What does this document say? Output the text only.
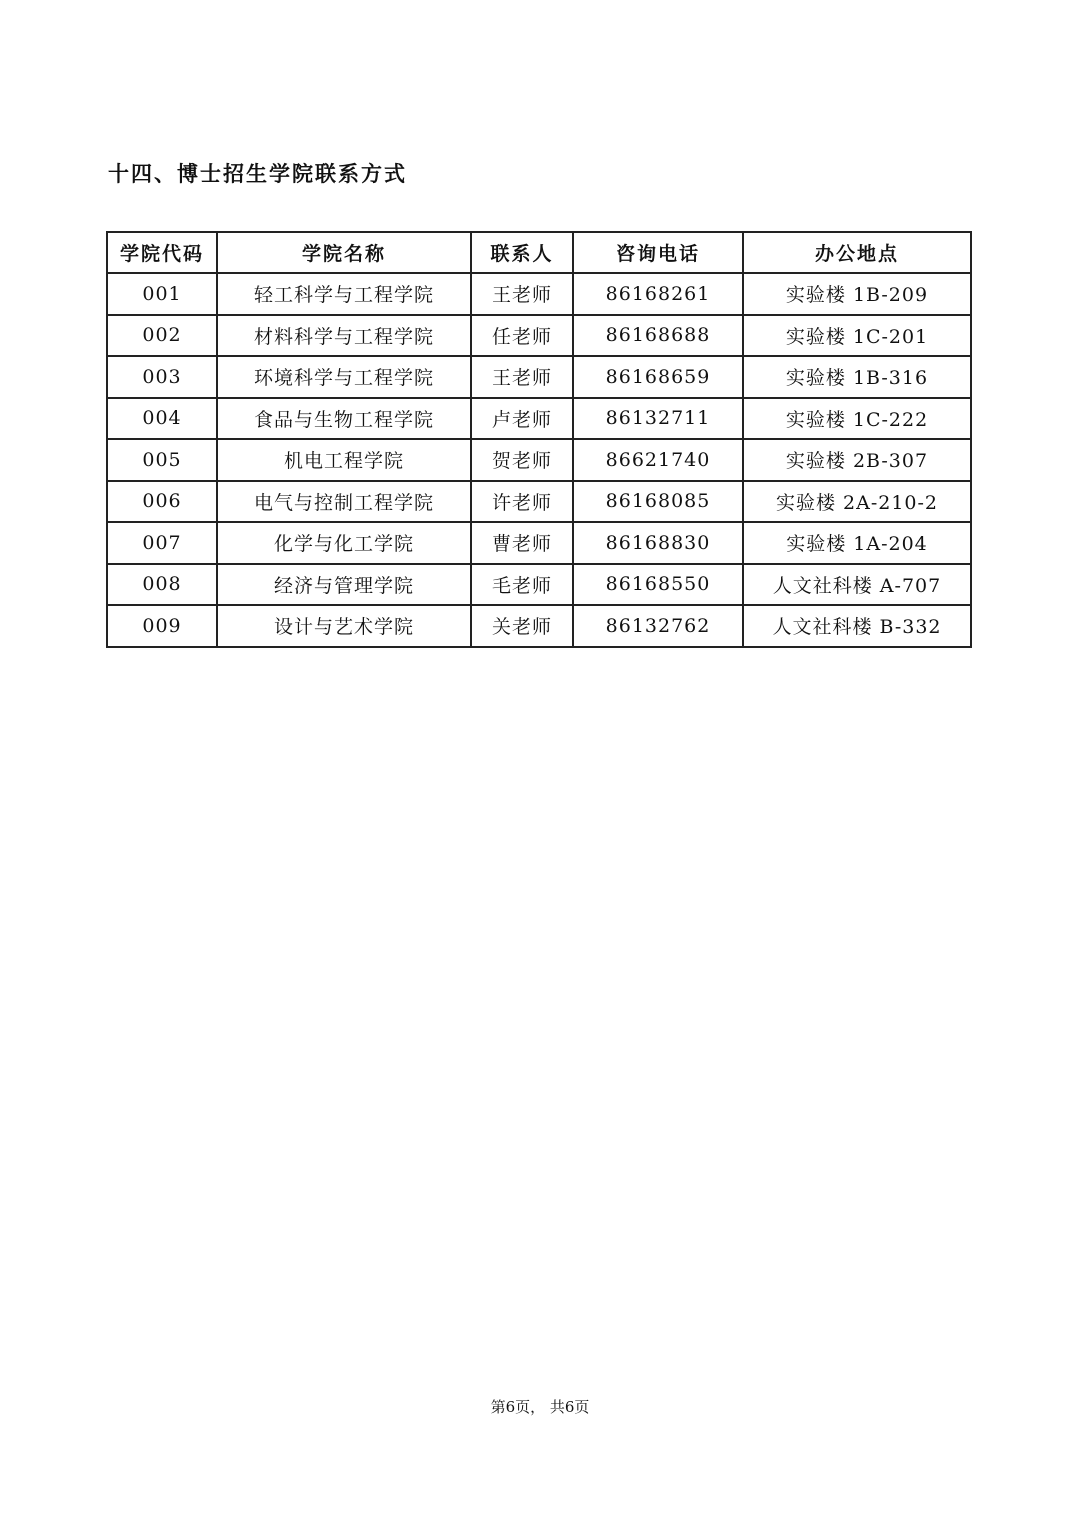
十四、博士招生学院联系方式
学院代码	学院名称	联系人	咨询电话	办公地点
001	轻工科学与工程学院	王老师	86168261	实验楼 1B-209
002	材料科学与工程学院	任老师	86168688	实验楼 1C-201
003	环境科学与工程学院	王老师	86168659	实验楼 1B-316
004	食品与生物工程学院	卢老师	86132711	实验楼 1C-222
005	机电工程学院	贺老师	86621740	实验楼 2B-307
006	电气与控制工程学院	许老师	86168085	实验楼 2A-210-2
007	化学与化工学院	曹老师	86168830	实验楼 1A-204
008	经济与管理学院	毛老师	86168550	人文社科楼 A-707
009	设计与艺术学院	关老师	86132762	人文社科楼 B-332
第6页， 共6页
